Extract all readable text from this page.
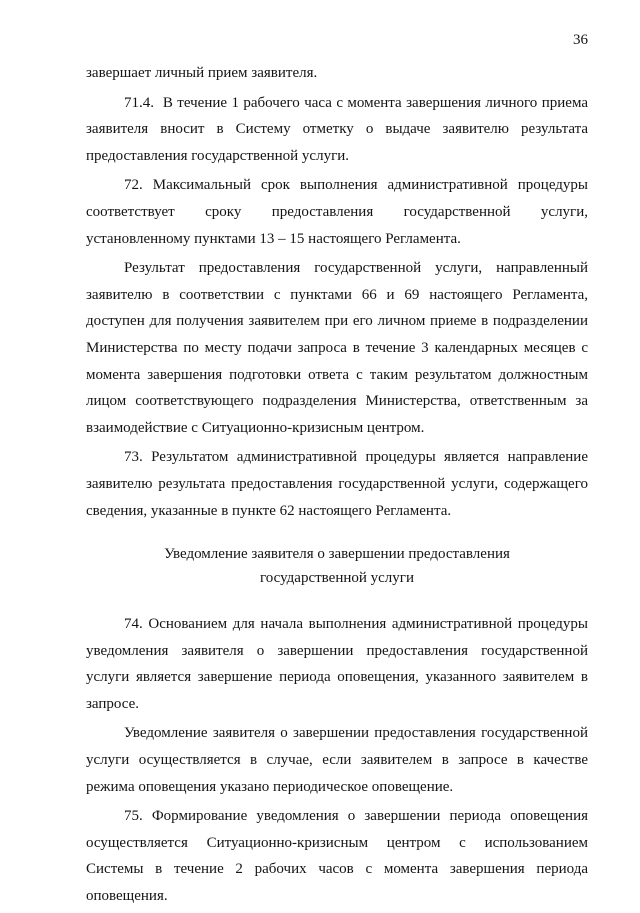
36

завершает личный прием заявителя.

71.4.  В течение 1 рабочего часа с момента завершения личного приема заявителя вносит в Систему отметку о выдаче заявителю результата предоставления государственной услуги.

72. Максимальный срок выполнения административной процедуры соответствует сроку предоставления государственной услуги, установленному пунктами 13 – 15 настоящего Регламента.

Результат предоставления государственной услуги, направленный заявителю в соответствии с пунктами 66 и 69 настоящего Регламента, доступен для получения заявителем при его личном приеме в подразделении Министерства по месту подачи запроса в течение 3 календарных месяцев с момента завершения подготовки ответа с таким результатом должностным лицом соответствующего подразделения Министерства, ответственным за взаимодействие с Ситуационно-кризисным центром.

73. Результатом административной процедуры является направление заявителю результата предоставления государственной услуги, содержащего сведения, указанные в пункте 62 настоящего Регламента.

Уведомление заявителя о завершении предоставления
государственной услуги

74. Основанием для начала выполнения административной процедуры уведомления заявителя о завершении предоставления государственной услуги является завершение периода оповещения, указанного заявителем в запросе.

Уведомление заявителя о завершении предоставления государственной услуги осуществляется в случае, если заявителем в запросе в качестве режима оповещения указано периодическое оповещение.

75. Формирование уведомления о завершении периода оповещения осуществляется Ситуационно-кризисным центром с использованием Системы в течение 2 рабочих часов с момента завершения периода оповещения.
